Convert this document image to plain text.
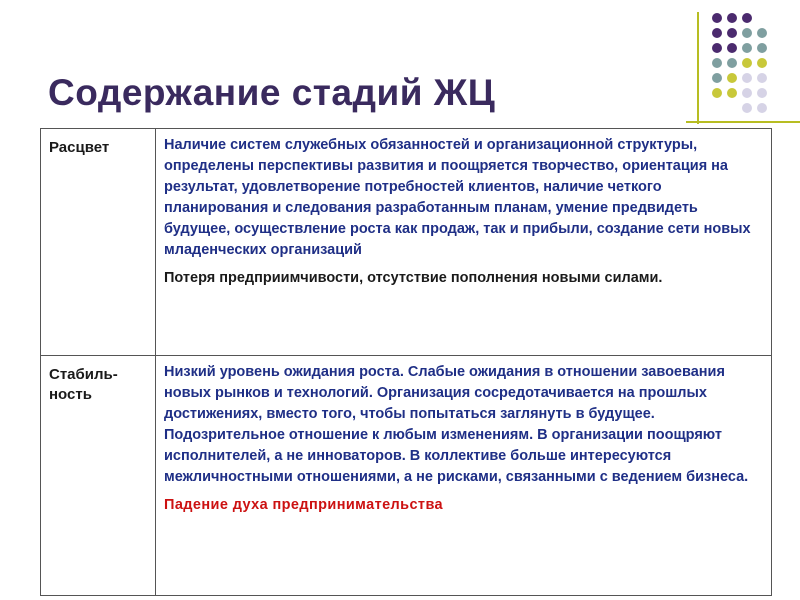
Содержание стадий ЖЦ
Расцвет	Наличие систем служебных обязанностей и организационной структуры, определены перспективы развития и поощряется творчество, ориентация на результат, удовлетворение потребностей клиентов, наличие четкого планирования и следования разработанным планам, умение предвидеть будущее, осуществление роста как продаж, так и прибыли, создание сети новых младенческих организаций

Потеря предприимчивости, отсутствие пополнения новыми силами.

Стабиль-ность	Низкий уровень ожидания роста. Слабые ожидания в отношении завоевания новых рынков и технологий. Организация сосредотачивается на прошлых достижениях, вместо того, чтобы попытаться заглянуть в будущее. Подозрительное отношение к любым изменениям. В организации поощряют исполнителей, а не инноваторов. В коллективе больше интересуются межличностными отношениями, а не рисками, связанными с ведением бизнеса.

Падение духа предпринимательства
